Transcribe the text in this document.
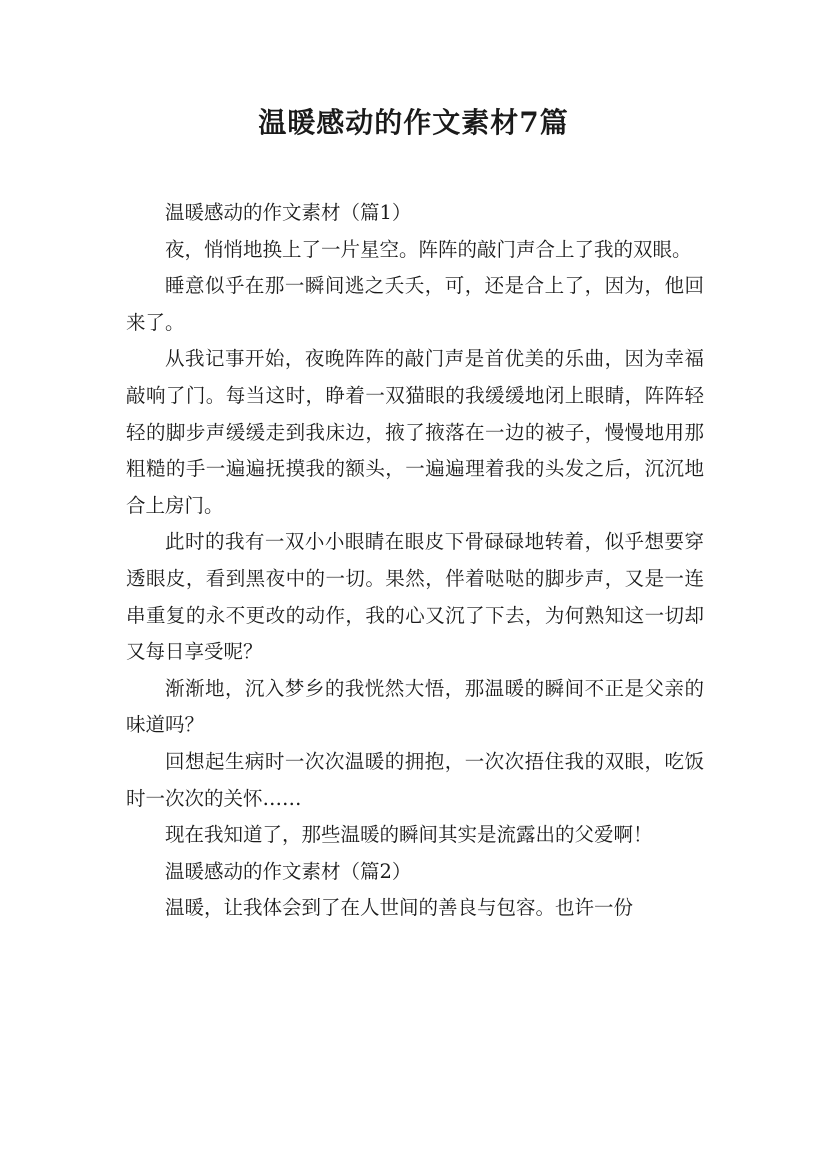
温暖感动的作文素材7篇

温暖感动的作文素材（篇1）

夜，悄悄地换上了一片星空。阵阵的敲门声合上了我的双眼。

睡意似乎在那一瞬间逃之夭夭，可，还是合上了，因为，他回来了。

从我记事开始，夜晚阵阵的敲门声是首优美的乐曲，因为幸福敲响了门。每当这时，睁着一双猫眼的我缓缓地闭上眼睛，阵阵轻轻的脚步声缓缓走到我床边，掖了掖落在一边的被子，慢慢地用那粗糙的手一遍遍抚摸我的额头，一遍遍理着我的头发之后，沉沉地合上房门。

此时的我有一双小小眼睛在眼皮下骨碌碌地转着，似乎想要穿透眼皮，看到黑夜中的一切。果然，伴着哒哒的脚步声，又是一连串重复的永不更改的动作，我的心又沉了下去，为何熟知这一切却又每日享受呢？

渐渐地，沉入梦乡的我恍然大悟，那温暖的瞬间不正是父亲的味道吗？

回想起生病时一次次温暖的拥抱，一次次捂住我的双眼，吃饭时一次次的关怀……

现在我知道了，那些温暖的瞬间其实是流露出的父爱啊！

温暖感动的作文素材（篇2）

温暖，让我体会到了在人世间的善良与包容。也许一份
